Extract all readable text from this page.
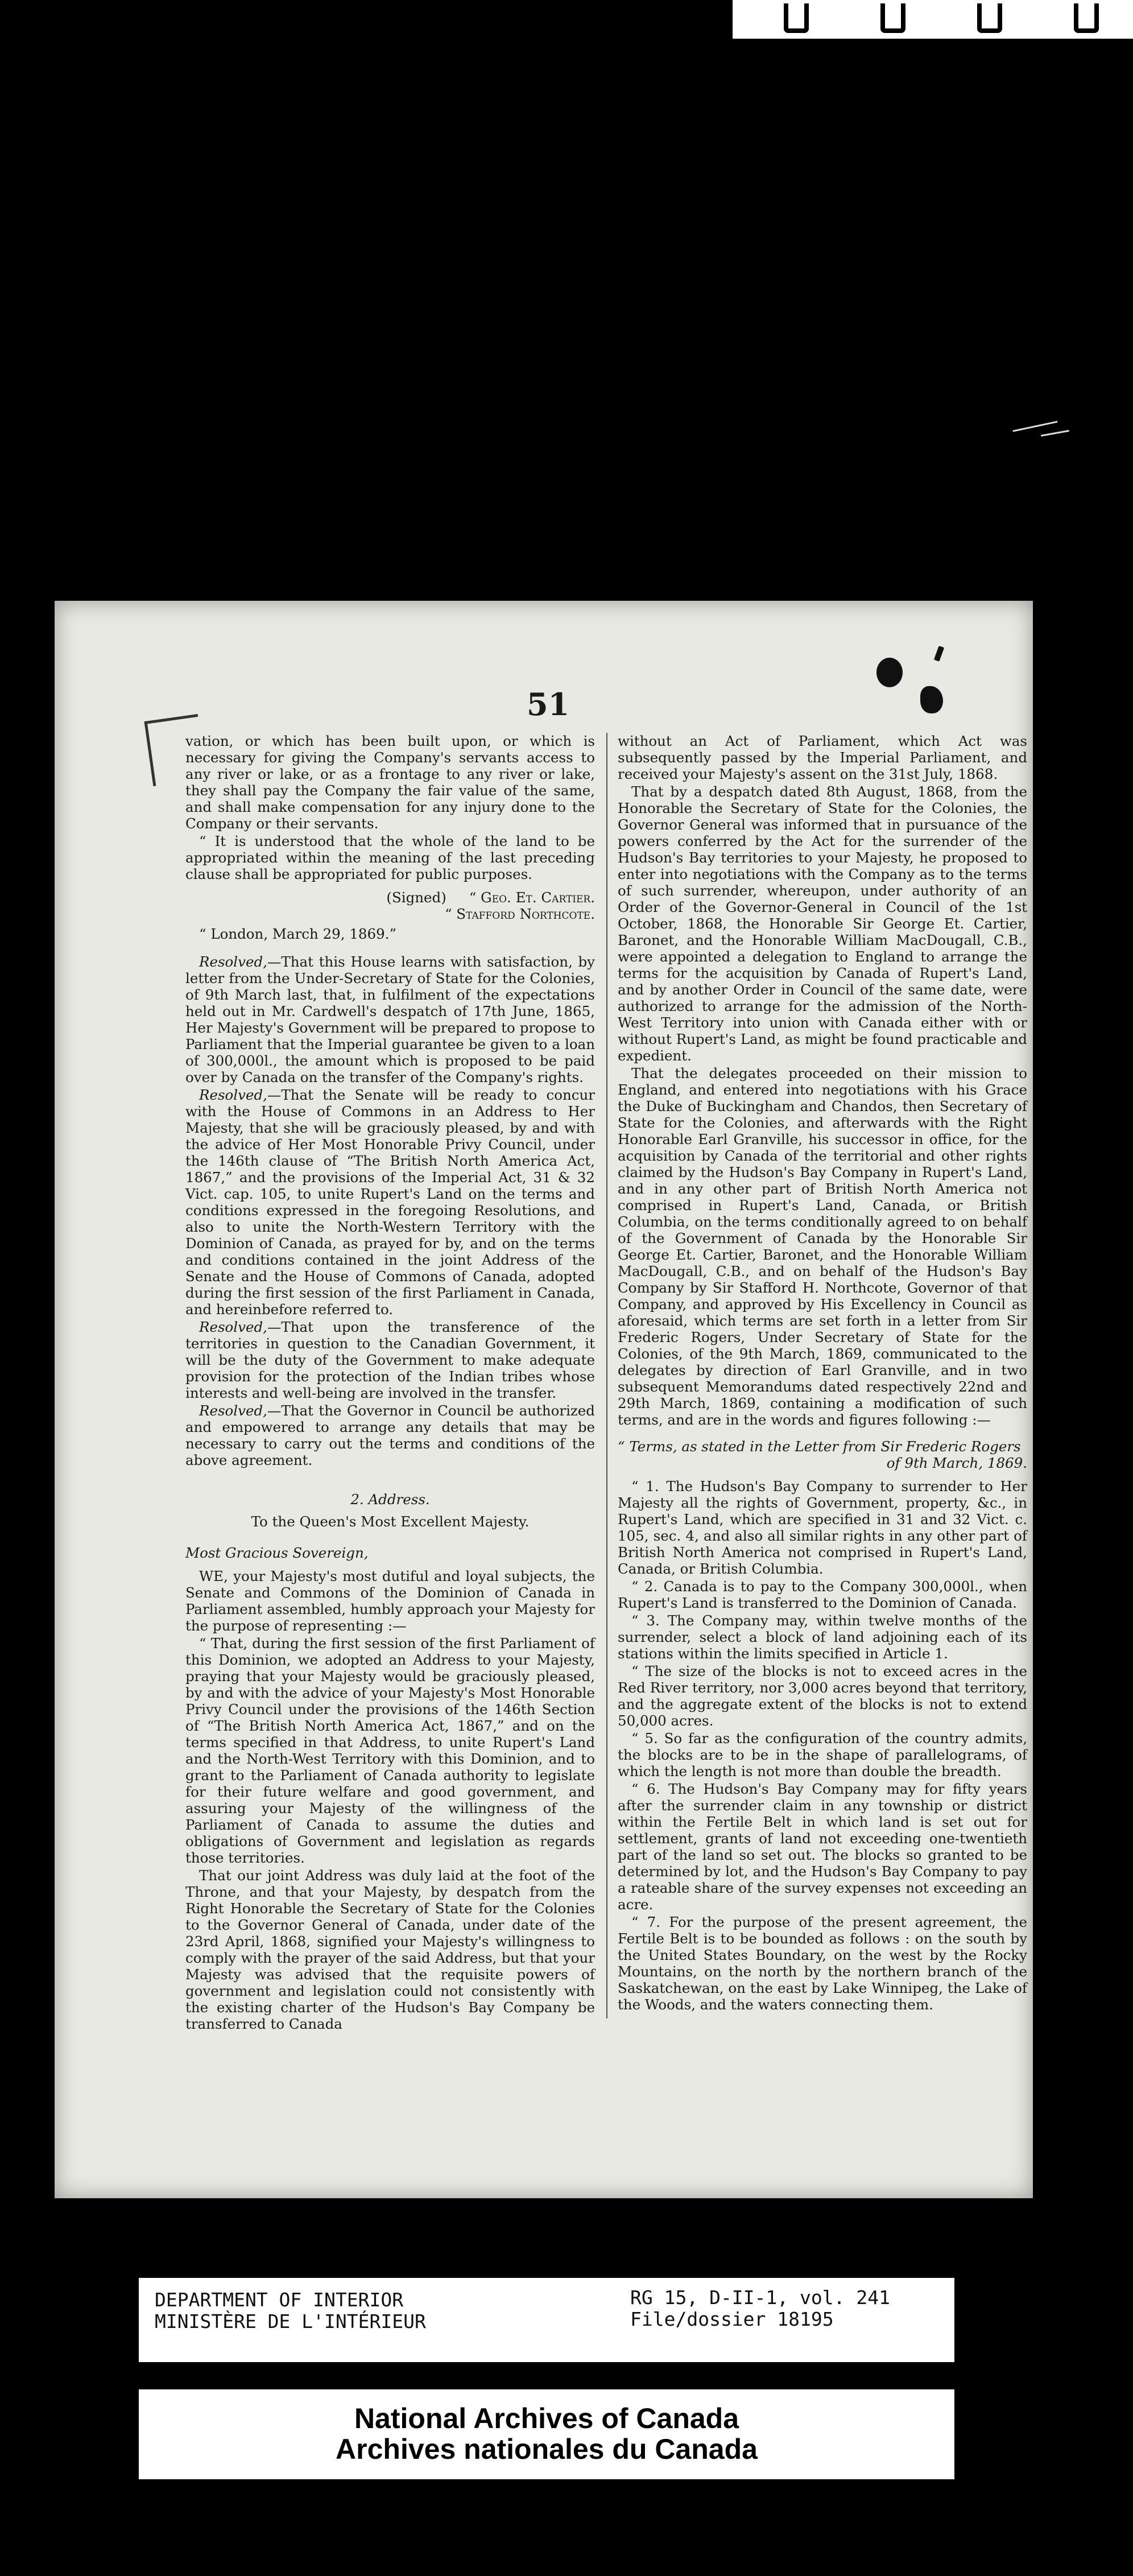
51

vation, or which has been built upon, or which is necessary for giving the Company's servants access to any river or lake, or as a frontage to any river or lake, they shall pay the Company the fair value of the same, and shall make compensation for any injury done to the Company or their servants.

“ It is understood that the whole of the land to be appropriated within the meaning of the last preceding clause shall be appropriated for public purposes.

(Signed) “ Geo. Et. Cartier.

“ Stafford Northcote.

“ London, March 29, 1869.”

Resolved,—That this House learns with satisfaction, by letter from the Under-Secretary of State for the Colonies, of 9th March last, that, in fulfilment of the expectations held out in Mr. Cardwell's despatch of 17th June, 1865, Her Majesty's Government will be prepared to propose to Parliament that the Imperial guarantee be given to a loan of 300,000l., the amount which is proposed to be paid over by Canada on the transfer of the Company's rights.

Resolved,—That the Senate will be ready to concur with the House of Commons in an Address to Her Majesty, that she will be graciously pleased, by and with the advice of Her Most Honorable Privy Council, under the 146th clause of “The British North America Act, 1867,” and the provisions of the Imperial Act, 31 & 32 Vict. cap. 105, to unite Rupert's Land on the terms and conditions expressed in the foregoing Resolutions, and also to unite the North-Western Territory with the Dominion of Canada, as prayed for by, and on the terms and conditions contained in the joint Address of the Senate and the House of Commons of Canada, adopted during the first session of the first Parliament in Canada, and hereinbefore referred to.

Resolved,—That upon the transference of the territories in question to the Canadian Government, it will be the duty of the Government to make adequate provision for the protection of the Indian tribes whose interests and well-being are involved in the transfer.

Resolved,—That the Governor in Council be authorized and empowered to arrange any details that may be necessary to carry out the terms and conditions of the above agreement.

2. Address.

To the Queen's Most Excellent Majesty.

Most Gracious Sovereign,

WE, your Majesty's most dutiful and loyal subjects, the Senate and Commons of the Dominion of Canada in Parliament assembled, humbly approach your Majesty for the purpose of representing :—

“ That, during the first session of the first Parliament of this Dominion, we adopted an Address to your Majesty, praying that your Majesty would be graciously pleased, by and with the advice of your Majesty's Most Honorable Privy Council under the provisions of the 146th Section of “The British North America Act, 1867,” and on the terms specified in that Address, to unite Rupert's Land and the North-West Territory with this Dominion, and to grant to the Parliament of Canada authority to legislate for their future welfare and good government, and assuring your Majesty of the willingness of the Parliament of Canada to assume the duties and obligations of Government and legislation as regards those territories.

That our joint Address was duly laid at the foot of the Throne, and that your Majesty, by despatch from the Right Honorable the Secretary of State for the Colonies to the Governor General of Canada, under date of the 23rd April, 1868, signified your Majesty's willingness to comply with the prayer of the said Address, but that your Majesty was advised that the requisite powers of government and legislation could not consistently with the existing charter of the Hudson's Bay Company be transferred to Canada

without an Act of Parliament, which Act was subsequently passed by the Imperial Parliament, and received your Majesty's assent on the 31st July, 1868.

That by a despatch dated 8th August, 1868, from the Honorable the Secretary of State for the Colonies, the Governor General was informed that in pursuance of the powers conferred by the Act for the surrender of the Hudson's Bay territories to your Majesty, he proposed to enter into negotiations with the Company as to the terms of such surrender, whereupon, under authority of an Order of the Governor-General in Council of the 1st October, 1868, the Honorable Sir George Et. Cartier, Baronet, and the Honorable William MacDougall, C.B., were appointed a delegation to England to arrange the terms for the acquisition by Canada of Rupert's Land, and by another Order in Council of the same date, were authorized to arrange for the admission of the North-West Territory into union with Canada either with or without Rupert's Land, as might be found practicable and expedient.

That the delegates proceeded on their mission to England, and entered into negotiations with his Grace the Duke of Buckingham and Chandos, then Secretary of State for the Colonies, and afterwards with the Right Honorable Earl Granville, his successor in office, for the acquisition by Canada of the territorial and other rights claimed by the Hudson's Bay Company in Rupert's Land, and in any other part of British North America not comprised in Rupert's Land, Canada, or British Columbia, on the terms conditionally agreed to on behalf of the Government of Canada by the Honorable Sir George Et. Cartier, Baronet, and the Honorable William MacDougall, C.B., and on behalf of the Hudson's Bay Company by Sir Stafford H. Northcote, Governor of that Company, and approved by His Excellency in Council as aforesaid, which terms are set forth in a letter from Sir Frederic Rogers, Under Secretary of State for the Colonies, of the 9th March, 1869, communicated to the delegates by direction of Earl Granville, and in two subsequent Memorandums dated respectively 22nd and 29th March, 1869, containing a modification of such terms, and are in the words and figures following :—

“ Terms, as stated in the Letter from Sir Frederic Rogers

of 9th March, 1869.

“ 1. The Hudson's Bay Company to surrender to Her Majesty all the rights of Government, property, &c., in Rupert's Land, which are specified in 31 and 32 Vict. c. 105, sec. 4, and also all similar rights in any other part of British North America not comprised in Rupert's Land, Canada, or British Columbia.

“ 2. Canada is to pay to the Company 300,000l., when Rupert's Land is transferred to the Dominion of Canada.

“ 3. The Company may, within twelve months of the surrender, select a block of land adjoining each of its stations within the limits specified in Article 1.

“ The size of the blocks is not to exceed acres in the Red River territory, nor 3,000 acres beyond that territory, and the aggregate extent of the blocks is not to extend 50,000 acres.

“ 5. So far as the configuration of the country admits, the blocks are to be in the shape of parallelograms, of which the length is not more than double the breadth.

“ 6. The Hudson's Bay Company may for fifty years after the surrender claim in any township or district within the Fertile Belt in which land is set out for settlement, grants of land not exceeding one-twentieth part of the land so set out. The blocks so granted to be determined by lot, and the Hudson's Bay Company to pay a rateable share of the survey expenses not exceeding an acre.

“ 7. For the purpose of the present agreement, the Fertile Belt is to be bounded as follows : on the south by the United States Boundary, on the west by the Rocky Mountains, on the north by the northern branch of the Saskatchewan, on the east by Lake Winnipeg, the Lake of the Woods, and the waters connecting them.

DEPARTMENT OF INTERIOR
MINISTÈRE DE L'INTÉRIEUR
RG 15, D-II-1, vol. 241
File/dossier 18195
National Archives of Canada
Archives nationales du Canada
